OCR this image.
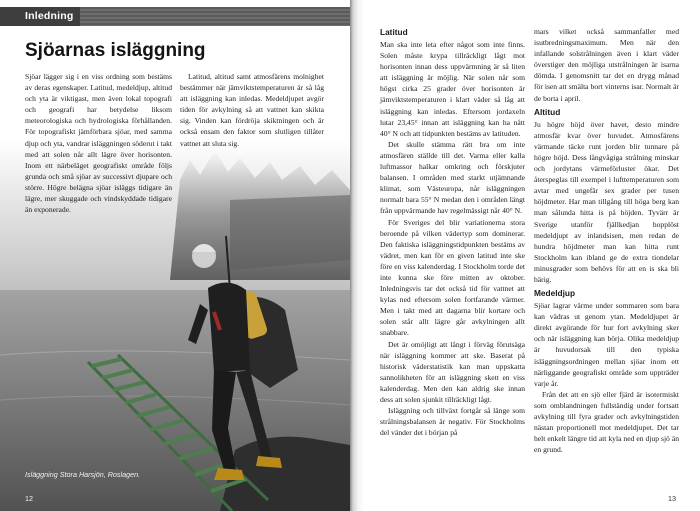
Inledning
Isläggning Stora Harsjön, Roslagen.
12
Sjöarnas isläggning

Sjöar lägger sig i en viss ordning som bestäms av deras egenskaper. Latitud, medeldjup, altitud och yta är viktigast, men även lokal topografi och geografi har betydelse liksom meteorologiska och hydrologiska förhållanden. För topografiskt jämförbara sjöar, med samma djup och yta, vandrar isläggningen söderut i takt med att solen når allt lägre över horisonten. Inom ett närbeläget geografiskt område följs grunda och små sjöar av successivt djupare och större. Högre belägna sjöar isläggs tidigare än lägre, mer skuggade och vindskyddade tidigare än exponerade.

Latitud, altitud samt atmosfärens molnighet bestämmer när jämviktstemperaturen är så låg att isläggning kan inledas. Medeldjupet avgör tiden för avkylning så att vattnet kan skikta sig. Vinden kan fördröja skiktningen och är också ensam den faktor som slutligen tillåter vattnet att sluta sig.

Latitud

Man ska inte leta efter något som inte finns. Solen måste krypa tillräckligt lågt mot horisonten innan dess uppvärmning är så liten att isläggning är möjlig. När solen når som högst cirka 25 grader över horisonten är jämviktstemperaturen i klart väder så låg att isläggning kan inledas. Eftersom jordaxeln lutar 23,45° innan att isläggning kan ha nått 40° N och att tidpunkten bestäms av latituden.

Det skulle stämma rätt bra om inte atmosfären ställde till det. Varma eller kalla luftmassor halkar omkring och förskjuter balansen. I områden med starkt utjämnande klimat, som Västeuropa, når isläggningen normalt bara 55° N medan den i områden längt från uppvärmande hav regelmässigt når 40° N.

För Sveriges del blir variationerna stora beroende på vilken vädertyp som dominerar. Den faktiska isläggningstidpunkten bestäms av vädret, men kan för en given latitud inte ske före en viss kalenderdag. I Stockholm torde det inte kunna ske före mitten av oktober. Inledningsvis tar det också tid för vattnet att kylas ned eftersom solen fortfarande värmer. Men i takt med att dagarna blir kortare och solen står allt lägre går avkylningen allt snabbare.

Det är omöjligt att långt i förväg förutsäga när isläggning kommer att ske. Baserat på historisk väderstatistik kan man uppskatta sannolikheten för att isläggning skett en viss kalenderdag. Men den kan aldrig ske innan dess att solen sjunkit tillräckligt lågt.

Isläggning och tillväxt fortgår så länge som strålningsbalansen är negativ. För Stockholms del vänder det i början på

mars vilket också sammanfaller med isutbredningsmaximum. Men när den infallande solstrålningen även i klart väder överstiger den möjliga utstrålningen är isarna dömda. I genomsnitt tar det en drygg månad för isen att smälta bort vinterns isar. Normalt är de borta i april.

Altitud

Ju högre höjd över havet, desto mindre atmosfär kvar över huvudet. Atmosfärens värmande täcke runt jorden blir tunnare på högre höjd. Dess långvågiga strålning minskar och jordytans värmeförluster ökar. Det återspeglas till exempel i lufttemperaturen som avtar med ungefär sex grader per tusen höjdmeter. Har man tillgång till höga berg kan man sålunda hitta is på höjden. Tyvärr är Sverige utanför fjällkedjan hopplöst medeldjupt av inlandsisen, men redan de hundra höjdmeter man kan hitta runt Stockholm kan ibland ge de extra tiondelar minusgrader som behövs för att en is ska bli bärig.

Medeldjup

Sjöar lagrar värme under sommaren som bara kan vädras ut genom ytan. Medeldjupet är direkt avgörande för hur fort avkylning sker och när isläggning kan börja. Olika medeldjup är huvudorsak till den typiska isläggningsordningen mellan sjöar inom ett närliggande geografiskt område som uppträder varje år.

Från det att en sjö eller fjärd är isotermiskt som omblandningen fullständig under fortsatt avkylning till fyra grader och avkylningstiden nästan proportionell mot medeldjupet. Det tar helt enkelt längre tid att kyla ned en djup sjö än en grund.

13
